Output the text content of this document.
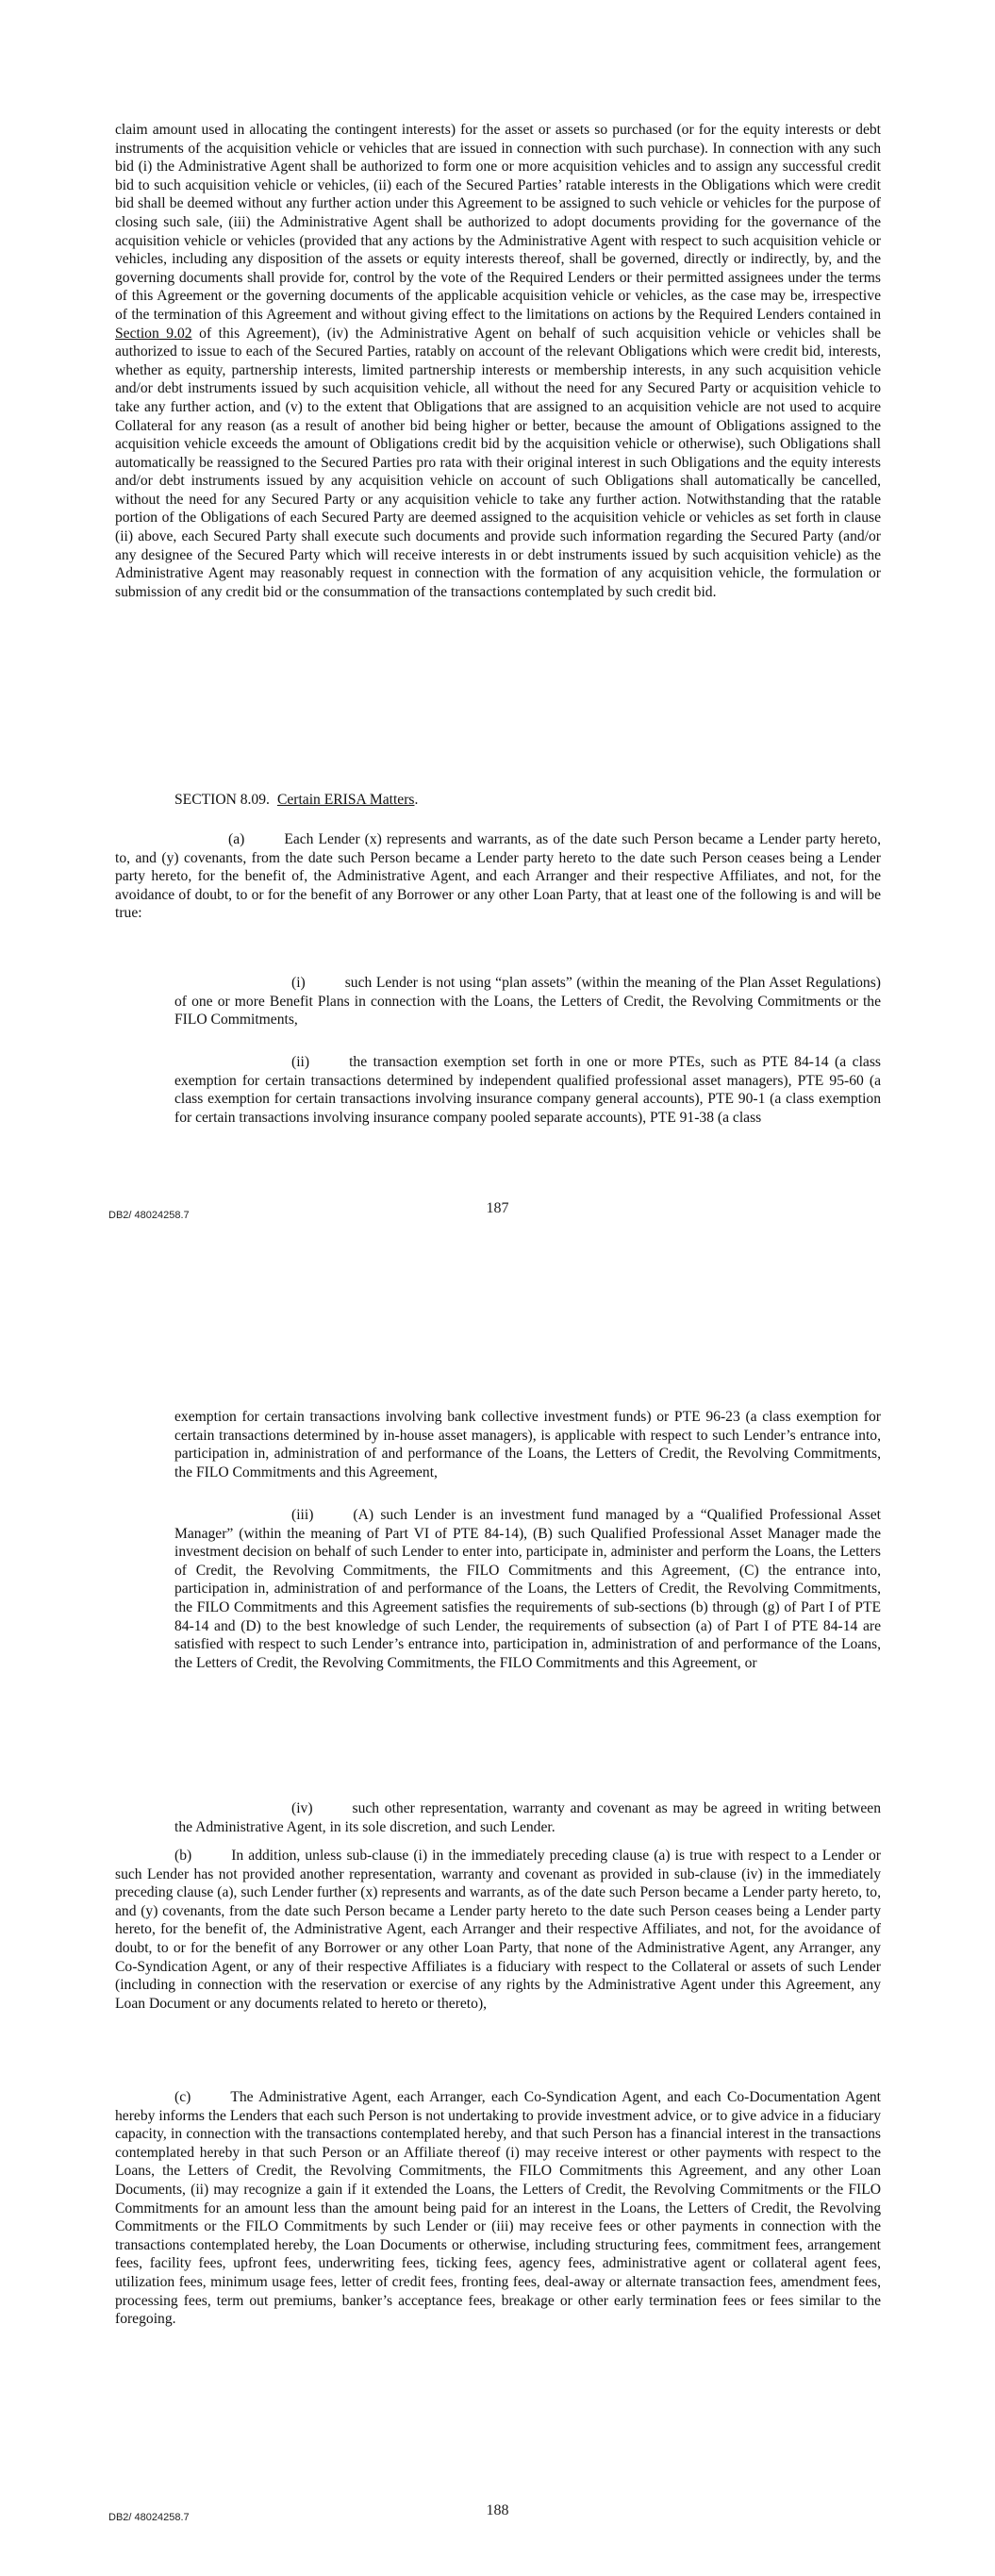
claim amount used in allocating the contingent interests) for the asset or assets so purchased (or for the equity interests or debt instruments of the acquisition vehicle or vehicles that are issued in connection with such purchase). In connection with any such bid (i) the Administrative Agent shall be authorized to form one or more acquisition vehicles and to assign any successful credit bid to such acquisition vehicle or vehicles, (ii) each of the Secured Parties’ ratable interests in the Obligations which were credit bid shall be deemed without any further action under this Agreement to be assigned to such vehicle or vehicles for the purpose of closing such sale, (iii) the Administrative Agent shall be authorized to adopt documents providing for the governance of the acquisition vehicle or vehicles (provided that any actions by the Administrative Agent with respect to such acquisition vehicle or vehicles, including any disposition of the assets or equity interests thereof, shall be governed, directly or indirectly, by, and the governing documents shall provide for, control by the vote of the Required Lenders or their permitted assignees under the terms of this Agreement or the governing documents of the applicable acquisition vehicle or vehicles, as the case may be, irrespective of the termination of this Agreement and without giving effect to the limitations on actions by the Required Lenders contained in Section 9.02 of this Agreement), (iv) the Administrative Agent on behalf of such acquisition vehicle or vehicles shall be authorized to issue to each of the Secured Parties, ratably on account of the relevant Obligations which were credit bid, interests, whether as equity, partnership interests, limited partnership interests or membership interests, in any such acquisition vehicle and/or debt instruments issued by such acquisition vehicle, all without the need for any Secured Party or acquisition vehicle to take any further action, and (v) to the extent that Obligations that are assigned to an acquisition vehicle are not used to acquire Collateral for any reason (as a result of another bid being higher or better, because the amount of Obligations assigned to the acquisition vehicle exceeds the amount of Obligations credit bid by the acquisition vehicle or otherwise), such Obligations shall automatically be reassigned to the Secured Parties pro rata with their original interest in such Obligations and the equity interests and/or debt instruments issued by any acquisition vehicle on account of such Obligations shall automatically be cancelled, without the need for any Secured Party or any acquisition vehicle to take any further action. Notwithstanding that the ratable portion of the Obligations of each Secured Party are deemed assigned to the acquisition vehicle or vehicles as set forth in clause (ii) above, each Secured Party shall execute such documents and provide such information regarding the Secured Party (and/or any designee of the Secured Party which will receive interests in or debt instruments issued by such acquisition vehicle) as the Administrative Agent may reasonably request in connection with the formation of any acquisition vehicle, the formulation or submission of any credit bid or the consummation of the transactions contemplated by such credit bid.

SECTION 8.09. Certain ERISA Matters.

(a)	Each Lender (x) represents and warrants, as of the date such Person became a Lender party hereto, to, and (y) covenants, from the date such Person became a Lender party hereto to the date such Person ceases being a Lender party hereto, for the benefit of, the Administrative Agent, and each Arranger and their respective Affiliates, and not, for the avoidance of doubt, to or for the benefit of any Borrower or any other Loan Party, that at least one of the following is and will be true:

(i)	such Lender is not using “plan assets” (within the meaning of the Plan Asset Regulations) of one or more Benefit Plans in connection with the Loans, the Letters of Credit, the Revolving Commitments or the FILO Commitments,

(ii)	the transaction exemption set forth in one or more PTEs, such as PTE 84-14 (a class exemption for certain transactions determined by independent qualified professional asset managers), PTE 95-60 (a class exemption for certain transactions involving insurance company general accounts), PTE 90-1 (a class exemption for certain transactions involving insurance company pooled separate accounts), PTE 91-38 (a class

DB2/ 48024258.7	187

exemption for certain transactions involving bank collective investment funds) or PTE 96-23 (a class exemption for certain transactions determined by in-house asset managers), is applicable with respect to such Lender’s entrance into, participation in, administration of and performance of the Loans, the Letters of Credit, the Revolving Commitments, the FILO Commitments and this Agreement,

(iii)	(A) such Lender is an investment fund managed by a “Qualified Professional Asset Manager” (within the meaning of Part VI of PTE 84-14), (B) such Qualified Professional Asset Manager made the investment decision on behalf of such Lender to enter into, participate in, administer and perform the Loans, the Letters of Credit, the Revolving Commitments, the FILO Commitments and this Agreement, (C) the entrance into, participation in, administration of and performance of the Loans, the Letters of Credit, the Revolving Commitments, the FILO Commitments and this Agreement satisfies the requirements of sub-sections (b) through (g) of Part I of PTE 84-14 and (D) to the best knowledge of such Lender, the requirements of subsection (a) of Part I of PTE 84-14 are satisfied with respect to such Lender’s entrance into, participation in, administration of and performance of the Loans, the Letters of Credit, the Revolving Commitments, the FILO Commitments and this Agreement, or

(iv)	such other representation, warranty and covenant as may be agreed in writing between the Administrative Agent, in its sole discretion, and such Lender.

(b)	In addition, unless sub-clause (i) in the immediately preceding clause (a) is true with respect to a Lender or such Lender has not provided another representation, warranty and covenant as provided in sub-clause (iv) in the immediately preceding clause (a), such Lender further (x) represents and warrants, as of the date such Person became a Lender party hereto, to, and (y) covenants, from the date such Person became a Lender party hereto to the date such Person ceases being a Lender party hereto, for the benefit of, the Administrative Agent, each Arranger and their respective Affiliates, and not, for the avoidance of doubt, to or for the benefit of any Borrower or any other Loan Party, that none of the Administrative Agent, any Arranger, any Co-Syndication Agent, or any of their respective Affiliates is a fiduciary with respect to the Collateral or assets of such Lender (including in connection with the reservation or exercise of any rights by the Administrative Agent under this Agreement, any Loan Document or any documents related to hereto or thereto),

(c)	The Administrative Agent, each Arranger, each Co-Syndication Agent, and each Co-Documentation Agent hereby informs the Lenders that each such Person is not undertaking to provide investment advice, or to give advice in a fiduciary capacity, in connection with the transactions contemplated hereby, and that such Person has a financial interest in the transactions contemplated hereby in that such Person or an Affiliate thereof (i) may receive interest or other payments with respect to the Loans, the Letters of Credit, the Revolving Commitments, the FILO Commitments this Agreement, and any other Loan Documents, (ii) may recognize a gain if it extended the Loans, the Letters of Credit, the Revolving Commitments or the FILO Commitments for an amount less than the amount being paid for an interest in the Loans, the Letters of Credit, the Revolving Commitments or the FILO Commitments by such Lender or (iii) may receive fees or other payments in connection with the transactions contemplated hereby, the Loan Documents or otherwise, including structuring fees, commitment fees, arrangement fees, facility fees, upfront fees, underwriting fees, ticking fees, agency fees, administrative agent or collateral agent fees, utilization fees, minimum usage fees, letter of credit fees, fronting fees, deal-away or alternate transaction fees, amendment fees, processing fees, term out premiums, banker’s acceptance fees, breakage or other early termination fees or fees similar to the foregoing.

DB2/ 48024258.7	188
